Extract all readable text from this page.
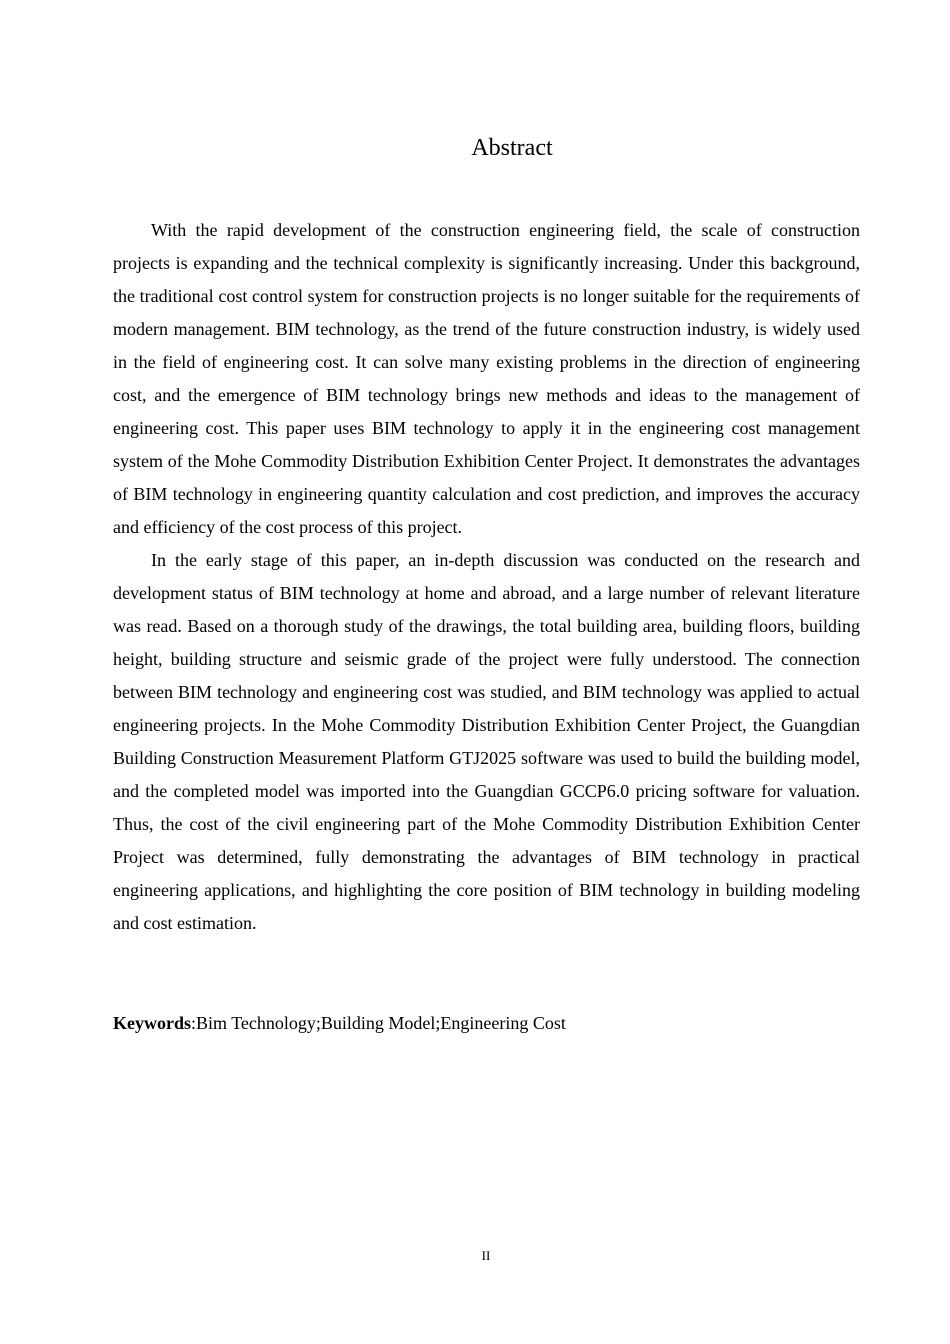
Abstract

With the rapid development of the construction engineering field, the scale of construction projects is expanding and the technical complexity is significantly increasing. Under this background, the traditional cost control system for construction projects is no longer suitable for the requirements of modern management. BIM technology, as the trend of the future construction industry, is widely used in the field of engineering cost. It can solve many existing problems in the direction of engineering cost, and the emergence of BIM technology brings new methods and ideas to the management of engineering cost. This paper uses BIM technology to apply it in the engineering cost management system of the Mohe Commodity Distribution Exhibition Center Project. It demonstrates the advantages of BIM technology in engineering quantity calculation and cost prediction, and improves the accuracy and efficiency of the cost process of this project.

In the early stage of this paper, an in-depth discussion was conducted on the research and development status of BIM technology at home and abroad, and a large number of relevant literature was read. Based on a thorough study of the drawings, the total building area, building floors, building height, building structure and seismic grade of the project were fully understood. The connection between BIM technology and engineering cost was studied, and BIM technology was applied to actual engineering projects. In the Mohe Commodity Distribution Exhibition Center Project, the Guangdian Building Construction Measurement Platform GTJ2025 software was used to build the building model, and the completed model was imported into the Guangdian GCCP6.0 pricing software for valuation. Thus, the cost of the civil engineering part of the Mohe Commodity Distribution Exhibition Center Project was determined, fully demonstrating the advantages of BIM technology in practical engineering applications, and highlighting the core position of BIM technology in building modeling and cost estimation.

Keywords:Bim Technology;Building Model;Engineering Cost

II
